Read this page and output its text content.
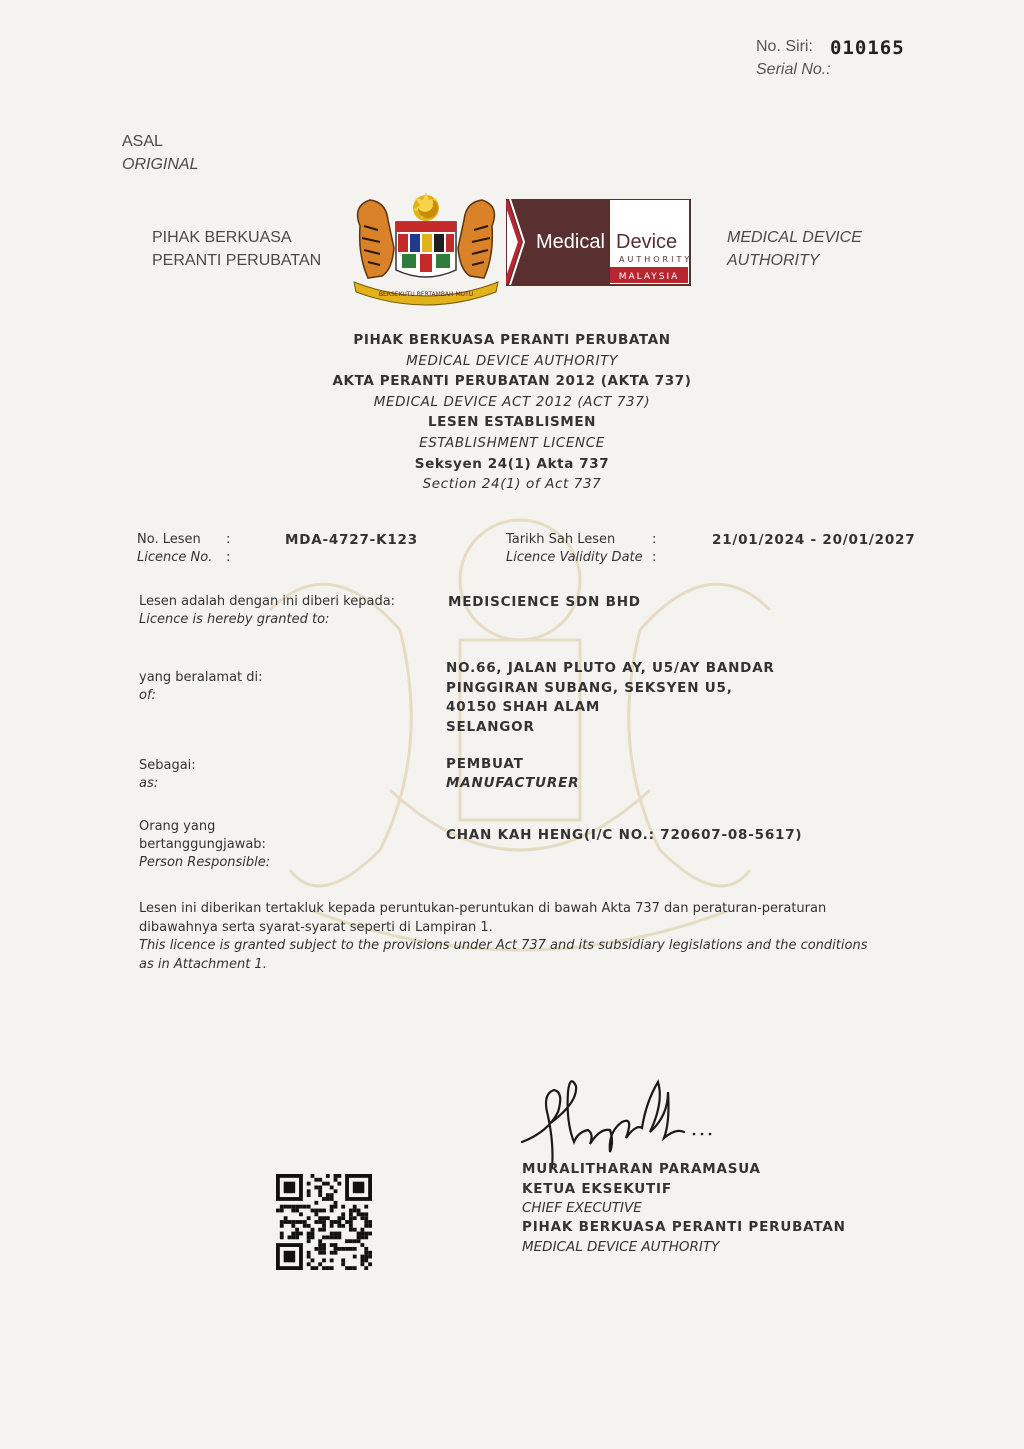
No. Siri: 010165
Serial No.:
ASAL
ORIGINAL
PIHAK BERKUASA
PERANTI PERUBATAN
BERSEKUTU BERTAMBAH MUTU
Medical Device
AUTHORITY
MALAYSIA
MEDICAL DEVICE
AUTHORITY
PIHAK BERKUASA PERANTI PERUBATAN
MEDICAL DEVICE AUTHORITY
AKTA PERANTI PERUBATAN 2012 (AKTA 737)
MEDICAL DEVICE ACT 2012 (ACT 737)
LESEN ESTABLISMEN
ESTABLISHMENT LICENCE
Seksyen 24(1) Akta 737
Section 24(1) of Act 737
No. Lesen
Licence No.
:
:
MDA-4727-K123	Tarikh Sah Lesen
Licence Validity Date
:
:
21/01/2024 - 20/01/2027
Lesen adalah dengan ini diberi kepada:
Licence is hereby granted to:
MEDISCIENCE SDN BHD
yang beralamat di:
of:
NO.66, JALAN PLUTO AY, U5/AY BANDAR
PINGGIRAN SUBANG, SEKSYEN U5,
40150 SHAH ALAM
SELANGOR
Sebagai:
as:
PEMBUAT
MANUFACTURER
Orang yang
bertanggungjawab:
Person Responsible:
CHAN KAH HENG(I/C NO.: 720607-08-5617)
Lesen ini diberikan tertakluk kepada peruntukan-peruntukan di bawah Akta 737 dan peraturan-peraturan
dibawahnya serta syarat-syarat seperti di Lampiran 1.
This licence is granted subject to the provisions under Act 737 and its subsidiary legislations and the conditions
as in Attachment 1.
MURALITHARAN PARAMASUA
KETUA EKSEKUTIF
CHIEF EXECUTIVE
PIHAK BERKUASA PERANTI PERUBATAN
MEDICAL DEVICE AUTHORITY
